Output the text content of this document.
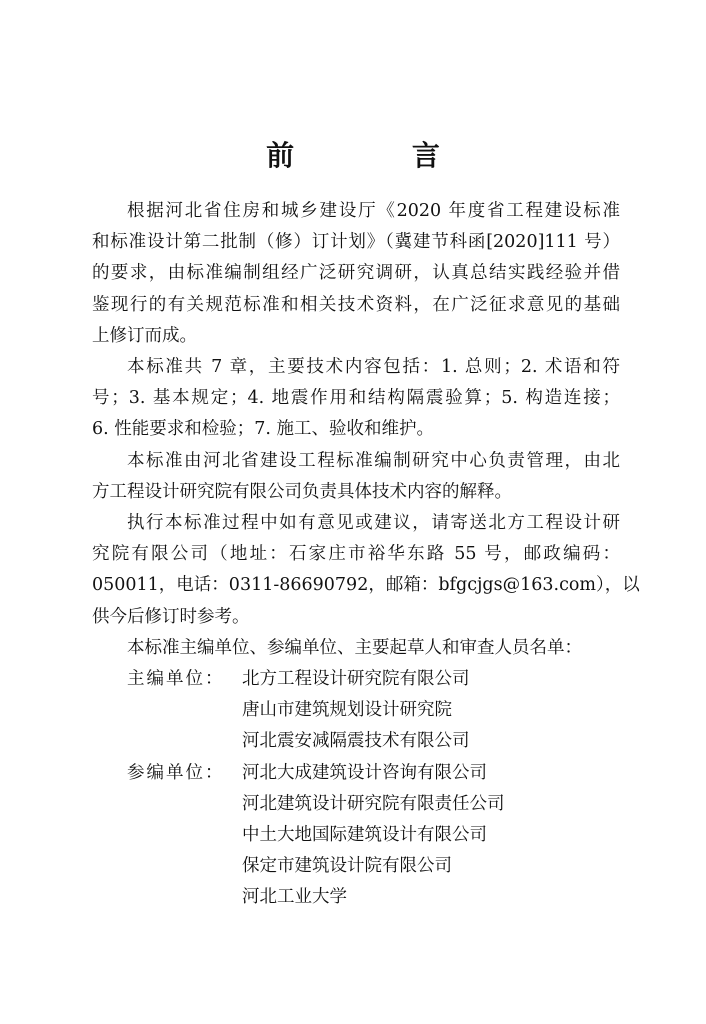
前 言
根据河北省住房和城乡建设厅《2020 年度省工程建设标准
和标准设计第二批制（修）订计划》（冀建节科函[2020]111 号）
的要求，由标准编制组经广泛研究调研，认真总结实践经验并借
鉴现行的有关规范标准和相关技术资料，在广泛征求意见的基础
上修订而成。
本标准共 7 章，主要技术内容包括：1. 总则；2. 术语和符
号；3. 基本规定；4. 地震作用和结构隔震验算；5. 构造连接；
6. 性能要求和检验；7. 施工、验收和维护。
本标准由河北省建设工程标准编制研究中心负责管理，由北
方工程设计研究院有限公司负责具体技术内容的解释。
执行本标准过程中如有意见或建议，请寄送北方工程设计研
究院有限公司（地址：石家庄市裕华东路 55 号，邮政编码：
050011，电话：0311-86690792，邮箱：bfgcjgs@163.com），以
供今后修订时参考。
本标准主编单位、参编单位、主要起草人和审查人员名单：
主编单位： 北方工程设计研究院有限公司
唐山市建筑规划设计研究院
河北震安减隔震技术有限公司
参编单位： 河北大成建筑设计咨询有限公司
河北建筑设计研究院有限责任公司
中土大地国际建筑设计有限公司
保定市建筑设计院有限公司
河北工业大学
